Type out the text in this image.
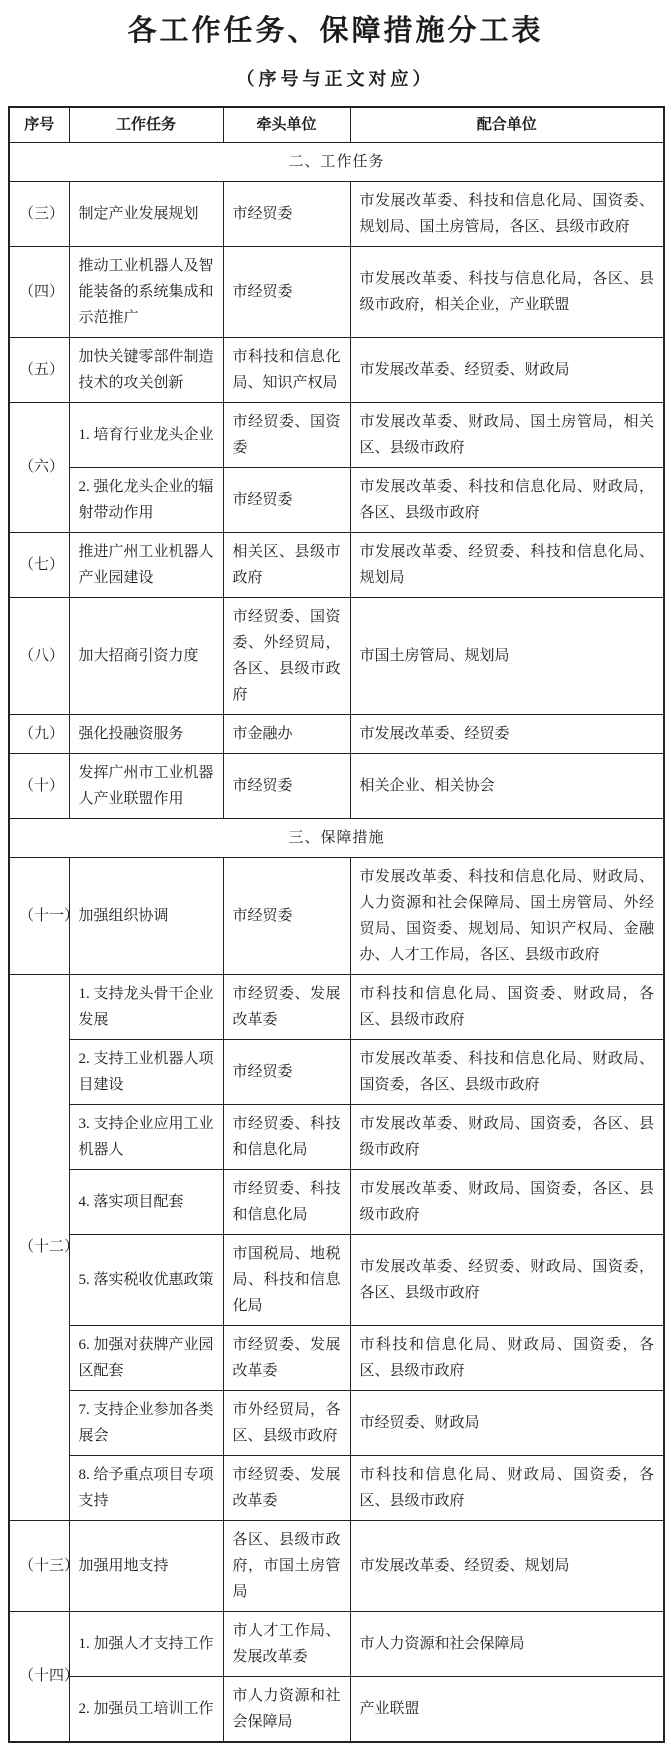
各工作任务、保障措施分工表
（序号与正文对应）
序号	工作任务	牵头单位	配合单位
二、工作任务			
（三）	制定产业发展规划	市经贸委	市发展改革委、科技和信息化局、国资委、规划局、国土房管局，各区、县级市政府
（四）	推动工业机器人及智能装备的系统集成和示范推广	市经贸委	市发展改革委、科技与信息化局，各区、县级市政府，相关企业，产业联盟
（五）	加快关键零部件制造技术的攻关创新	市科技和信息化局、知识产权局	市发展改革委、经贸委、财政局
（六）	1. 培育行业龙头企业	市经贸委、国资委	市发展改革委、财政局、国土房管局，相关区、县级市政府
	2. 强化龙头企业的辐射带动作用	市经贸委	市发展改革委、科技和信息化局、财政局，各区、县级市政府
（七）	推进广州工业机器人产业园建设	相关区、县级市政府	市发展改革委、经贸委、科技和信息化局、规划局
（八）	加大招商引资力度	市经贸委、国资委、外经贸局，各区、县级市政府	市国土房管局、规划局
（九）	强化投融资服务	市金融办	市发展改革委、经贸委
（十）	发挥广州市工业机器人产业联盟作用	市经贸委	相关企业、相关协会
三、保障措施			
（十一）	加强组织协调	市经贸委	市发展改革委、科技和信息化局、财政局、人力资源和社会保障局、国土房管局、外经贸局、国资委、规划局、知识产权局、金融办、人才工作局，各区、县级市政府
（十二）	1. 支持龙头骨干企业发展	市经贸委、发展改革委	市科技和信息化局、国资委、财政局，各区、县级市政府
	2. 支持工业机器人项目建设	市经贸委	市发展改革委、科技和信息化局、财政局、国资委，各区、县级市政府
	3. 支持企业应用工业机器人	市经贸委、科技和信息化局	市发展改革委、财政局、国资委，各区、县级市政府
	4. 落实项目配套	市经贸委、科技和信息化局	市发展改革委、财政局、国资委，各区、县级市政府
	5. 落实税收优惠政策	市国税局、地税局、科技和信息化局	市发展改革委、经贸委、财政局、国资委，各区、县级市政府
	6. 加强对获牌产业园区配套	市经贸委、发展改革委	市科技和信息化局、财政局、国资委，各区、县级市政府
	7. 支持企业参加各类展会	市外经贸局，各区、县级市政府	市经贸委、财政局
	8. 给予重点项目专项支持	市经贸委、发展改革委	市科技和信息化局、财政局、国资委，各区、县级市政府
（十三）	加强用地支持	各区、县级市政府，市国土房管局	市发展改革委、经贸委、规划局
（十四）	1. 加强人才支持工作	市人才工作局、发展改革委	市人力资源和社会保障局
	2. 加强员工培训工作	市人力资源和社会保障局	产业联盟
